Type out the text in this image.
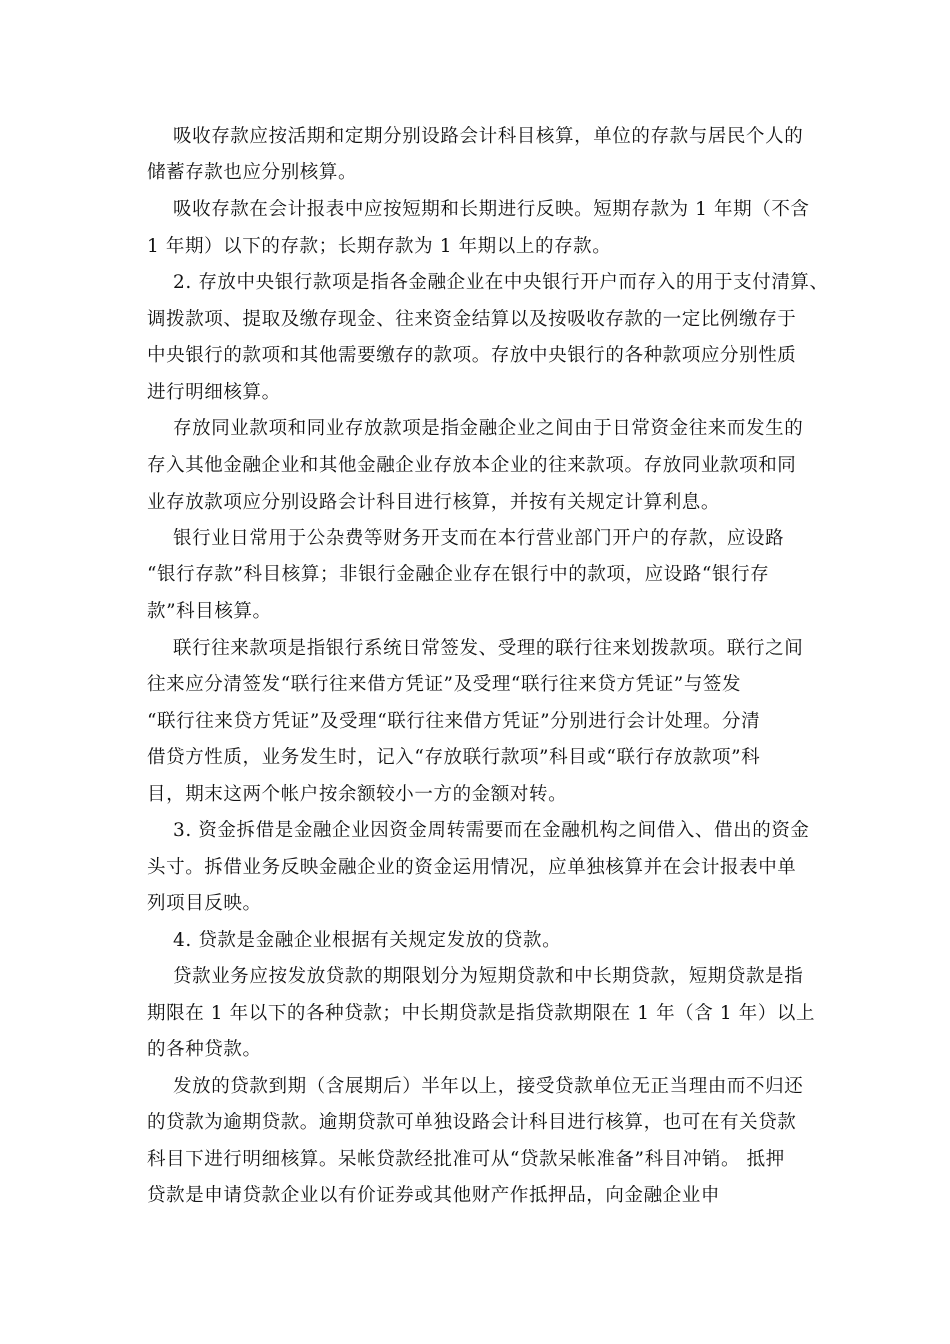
吸收存款应按活期和定期分别设路会计科目核算，单位的存款与居民个人的
储蓄存款也应分别核算。
吸收存款在会计报表中应按短期和长期进行反映。短期存款为 1 年期（不含
1 年期）以下的存款；长期存款为 1 年期以上的存款。
2. 存放中央银行款项是指各金融企业在中央银行开户而存入的用于支付清算、
调拨款项、提取及缴存现金、往来资金结算以及按吸收存款的一定比例缴存于
中央银行的款项和其他需要缴存的款项。存放中央银行的各种款项应分别性质
进行明细核算。
存放同业款项和同业存放款项是指金融企业之间由于日常资金往来而发生的
存入其他金融企业和其他金融企业存放本企业的往来款项。存放同业款项和同
业存放款项应分别设路会计科目进行核算，并按有关规定计算利息。
银行业日常用于公杂费等财务开支而在本行营业部门开户的存款，应设路
“银行存款”科目核算；非银行金融企业存在银行中的款项，应设路“银行存
款”科目核算。
联行往来款项是指银行系统日常签发、受理的联行往来划拨款项。联行之间
往来应分清签发“联行往来借方凭证”及受理“联行往来贷方凭证”与签发
“联行往来贷方凭证”及受理“联行往来借方凭证”分别进行会计处理。分清
借贷方性质，业务发生时，记入“存放联行款项”科目或“联行存放款项”科
目，期末这两个帐户按余额较小一方的金额对转。
3. 资金拆借是金融企业因资金周转需要而在金融机构之间借入、借出的资金
头寸。拆借业务反映金融企业的资金运用情况，应单独核算并在会计报表中单
列项目反映。
4. 贷款是金融企业根据有关规定发放的贷款。
贷款业务应按发放贷款的期限划分为短期贷款和中长期贷款，短期贷款是指
期限在 1 年以下的各种贷款；中长期贷款是指贷款期限在 1 年（含 1 年）以上
的各种贷款。
发放的贷款到期（含展期后）半年以上，接受贷款单位无正当理由而不归还
的贷款为逾期贷款。逾期贷款可单独设路会计科目进行核算，也可在有关贷款
科目下进行明细核算。呆帐贷款经批准可从“贷款呆帐准备”科目冲销。 抵押
贷款是申请贷款企业以有价证券或其他财产作抵押品，向金融企业申
